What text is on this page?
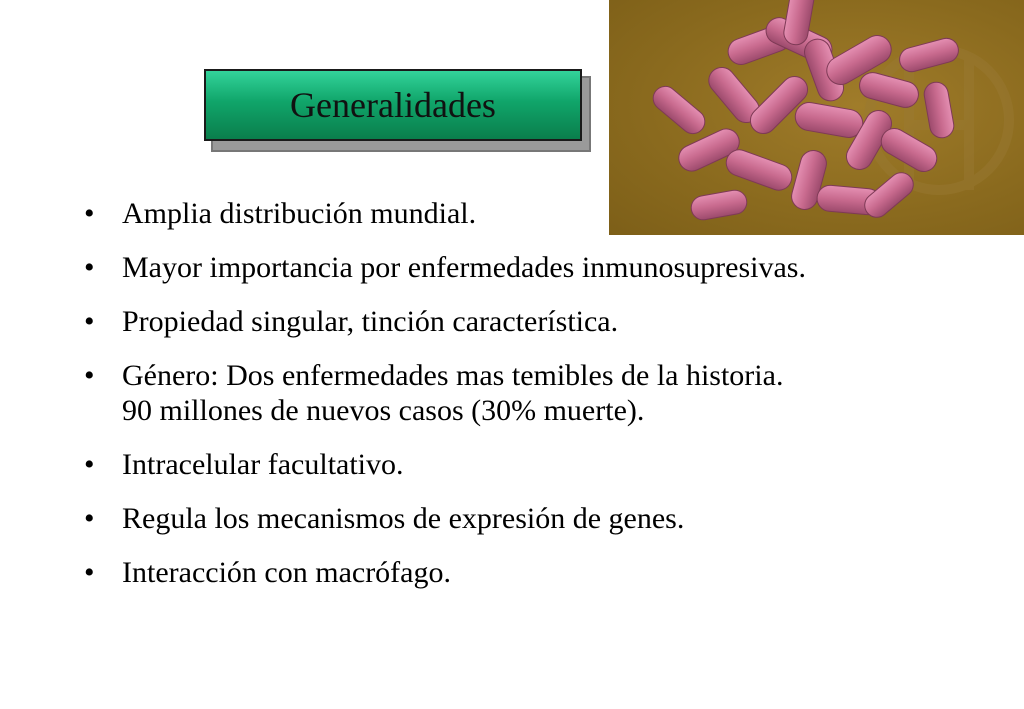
Generalidades
• Amplia distribución mundial.
• Mayor importancia por enfermedades inmunosupresivas.
• Propiedad singular, tinción característica.
• Género: Dos enfermedades mas temibles de la historia.
90 millones de nuevos casos (30% muerte).
• Intracelular facultativo.
• Regula los mecanismos de expresión de genes.
• Interacción con macrófago.
